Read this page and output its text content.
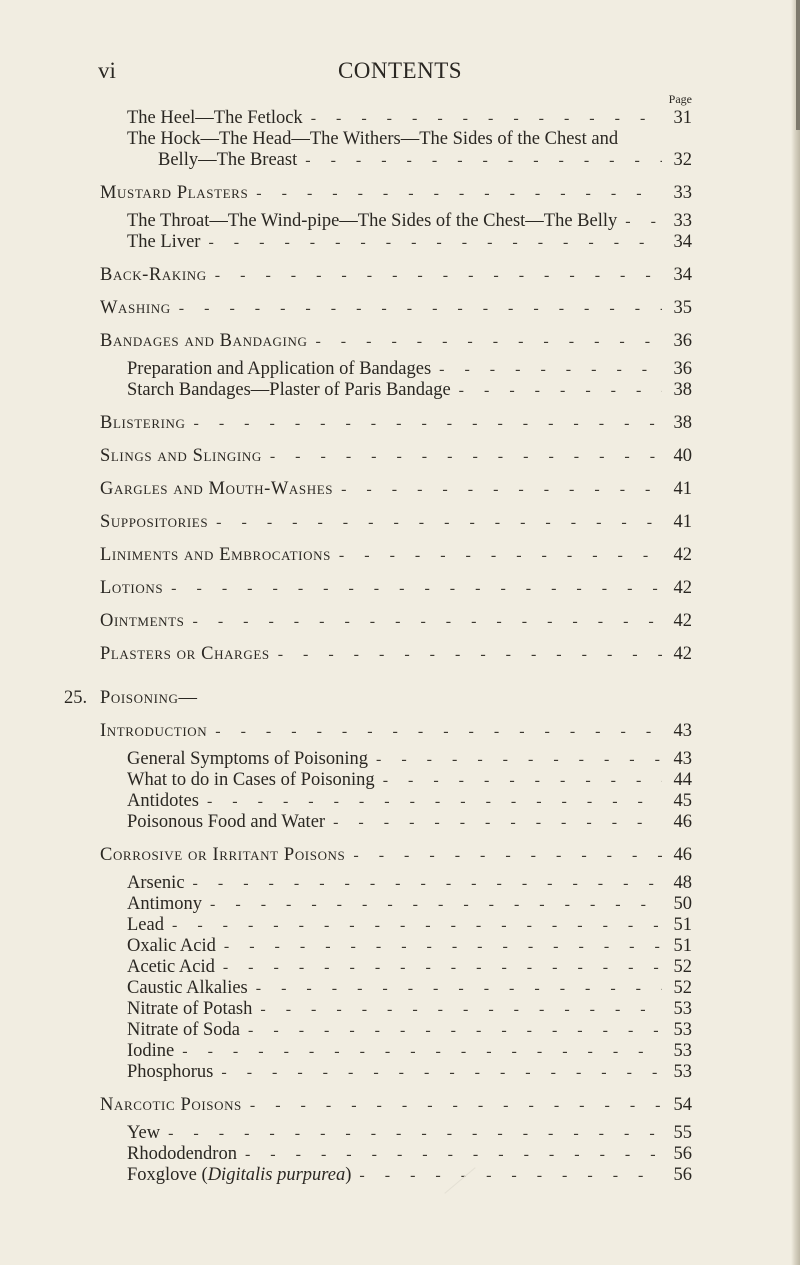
vi	CONTENTS
Page
The Heel—The Fetlock - - -	31
The Hock—The Head—The Withers—The Sides of the Chest and
Belly—The Breast - - -	32
Mustard Plasters - - -	33
The Throat—The Wind-pipe—The Sides of the Chest—The Belly - - -	33
The Liver - - -	34
Back-Raking - - -	34
Washing - - -	35
Bandages and Bandaging - - -	36
Preparation and Application of Bandages - - -	36
Starch Bandages—Plaster of Paris Bandage - - -	38
Blistering - - -	38
Slings and Slinging - - -	40
Gargles and Mouth-Washes - - -	41
Suppositories - - -	41
Liniments and Embrocations - - -	42
Lotions - - -	42
Ointments - - -	42
Plasters or Charges - - -	42
25. Poisoning—
Introduction - - -	43
General Symptoms of Poisoning - - -	43
What to do in Cases of Poisoning - - -	44
Antidotes - - -	45
Poisonous Food and Water - - -	46
Corrosive or Irritant Poisons - - -	46
Arsenic - - -	48
Antimony - - -	50
Lead - - -	51
Oxalic Acid - - -	51
Acetic Acid - - -	52
Caustic Alkalies - - -	52
Nitrate of Potash - - -	53
Nitrate of Soda - - -	53
Iodine - - -	53
Phosphorus - - -	53
Narcotic Poisons - - -	54
Yew - - -	55
Rhododendron - - -	56
Foxglove (Digitalis purpurea) - - -	56
